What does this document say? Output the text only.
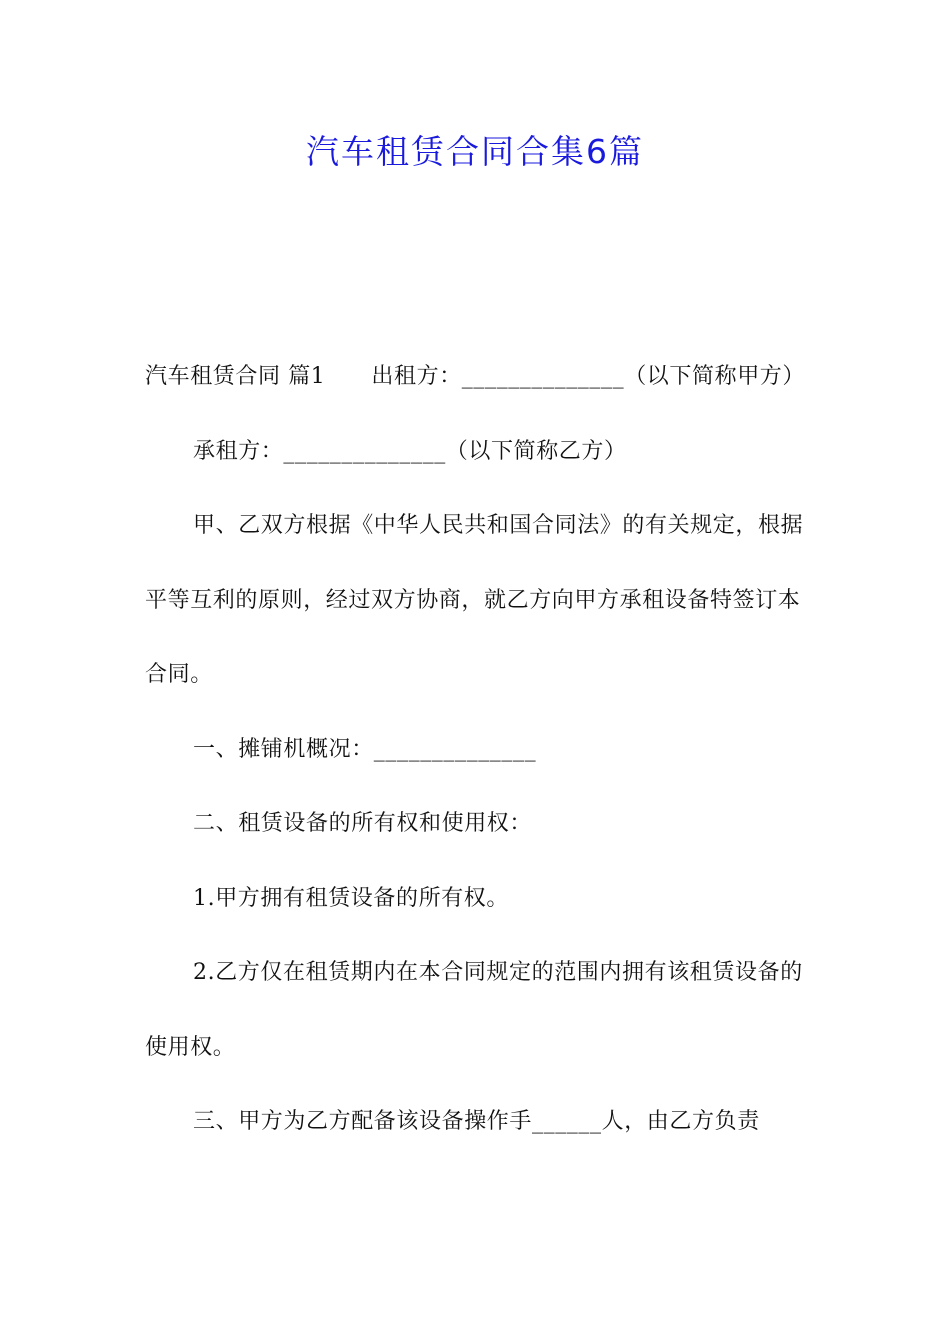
汽车租赁合同合集6篇

汽车租赁合同 篇1 出租方：______________（以下简称甲方）

承租方：______________（以下简称乙方）

甲、乙双方根据《中华人民共和国合同法》的有关规定，根据平等互利的原则，经过双方协商，就乙方向甲方承租设备特签订本合同。

一、摊铺机概况：______________

二、租赁设备的所有权和使用权：

1.甲方拥有租赁设备的所有权。

2.乙方仅在租赁期内在本合同规定的范围内拥有该租赁设备的使用权。

三、甲方为乙方配备该设备操作手______人，由乙方负责
